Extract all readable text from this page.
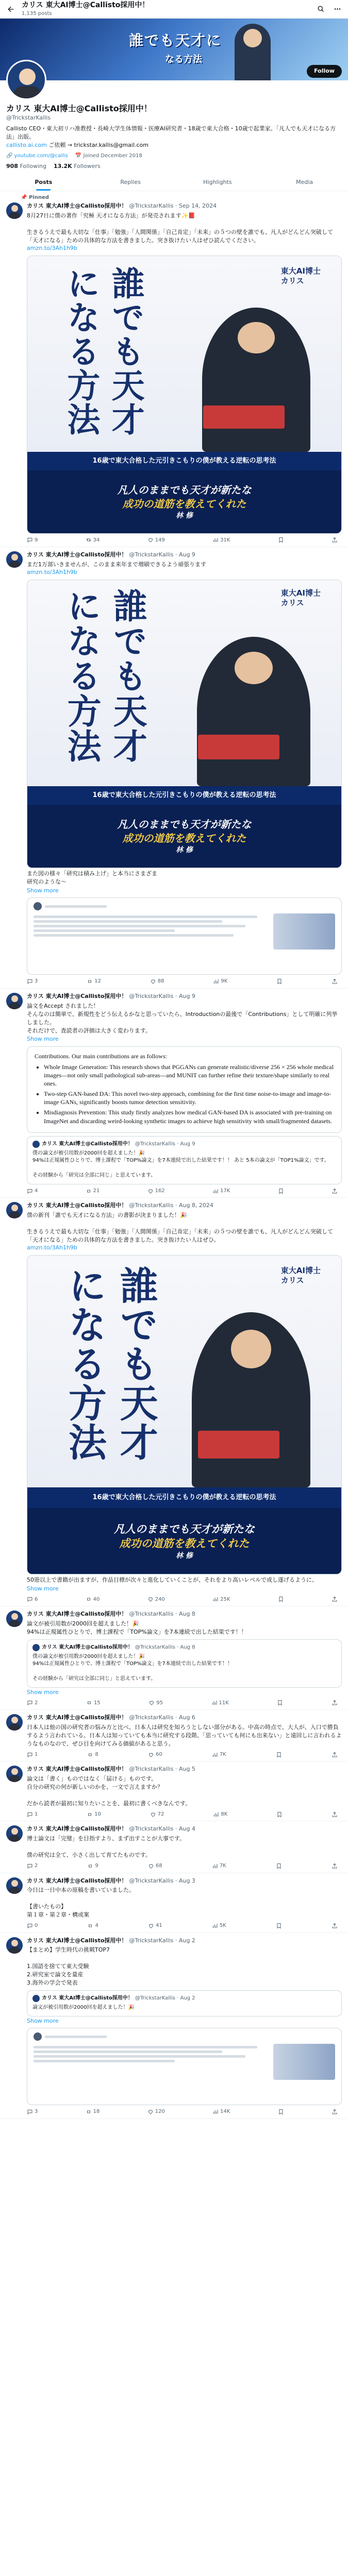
カリス 東大AI博士@Callisto採用中！
1,135 posts
誰でも天才に
なる方法
Follow
カリス 東大AI博士@Callisto採用中！
@TrickstarKallis
Callisto CEO・東大初リハ准教授・長崎大学生体情報・医療AI研究者・18歳で東大合格・10歳で起業家。「凡人でも天才になる方法」出版。
callisto.ai.com ご依頼 → trickstar.kallis@gmail.com
🔗 youtube.com/@callis 📅 Joined December 2018
908 Following 13.2K Followers
Posts	Replies	Highlights	Media
📌 Pinned
カリス 東大AI博士@Callisto採用中！ @TrickstarKallis · Sep 14, 2024
8月27日に僕の著作「究極 天才になる方法」が発売されます✨📕

生きるうえで最も大切な「仕事」「勉強」「人間関係」「自己肯定」「未来」の５つの壁を誰でも、凡人がどんどん突破して「天才になる」ための具体的な方法を書きました。突き抜けたい人はぜひ読んでください。
amzn.to/3Ah1h9b
誰でも天才になる方法	東大AI博士
カリス
16歳で東大合格した元引きこもりの僕が教える逆転の思考法
凡人のままでも天才が新たな
成功の道筋を教えてくれた
林 修
9	34	149	31K
カリス 東大AI博士@Callisto採用中！ @TrickstarKallis · Aug 9
まだ1万部いきませんが、このまま来年まで増刷できるよう頑張ります
amzn.to/3Ah1h9b
誰でも天才になる方法	東大AI博士
カリス
16歳で東大合格した元引きこもりの僕が教える逆転の思考法
凡人のままでも天才が新たな
成功の道筋を教えてくれた
林 修
また図の様々「研究は積み上げ」と本当にさまざま
研究のような〜
Show more
3	12	88	9K
カリス 東大AI博士@Callisto採用中！ @TrickstarKallis · Aug 9
論文をAccept されました！
そんなのは簡単で、新規性をどう伝えるかなと思っていたら、Introductionの最後で「Contributions」として明確に列挙しました。
それだけで、査読者の評価は大きく変わります。
Show more

Contributions. Our main contributions are as follows:

• Whole Image Generation: This research shows that PGGANs can generate realistic/diverse 256 × 256 whole medical images—not only small pathological sub-areas—and MUNIT can further refine their texture/shape similarly to real ones.
• Two-step GAN-based DA: This novel two-step approach, combining for the first time noise-to-image and image-to-image GANs, significantly boosts tumor detection sensitivity.
• Misdiagnosis Prevention: This study firstly analyzes how medical GAN-based DA is associated with pre-training on ImageNet and discarding weird-looking synthetic images to achieve high sensitivity with small/fragmented datasets.
カリス 東大AI博士@Callisto採用中！ @TrickstarKallis · Aug 9
僕の論文が被引用数が2000回を超えました！🎉
94%は正規属性ひとりで、博士課程で「TOP%論文」を7本連続で出した結果です！！ あと 5本の論文が「TOP1%論文」です。

その経験から「研究は全部に同じ」と思えています。
4	21	162	17K
カリス 東大AI博士@Callisto採用中！ @TrickstarKallis · Aug 8, 2024
僕の新刊「誰でも天才になる方法」の書影が決まりました！🎉

生きるうえで最も大切な「仕事」「勉強」「人間関係」「自己肯定」「未来」の５つの壁を誰でも、凡人がどんどん突破して「天才になる」ための具体的な方法を書きました。突き抜けたい人はぜひ。
amzn.to/3Ah1h9b
誰でも天才になる方法	東大AI博士
カリス
16歳で東大合格した元引きこもりの僕が教える逆転の思考法
凡人のままでも天才が新たな
成功の道筋を教えてくれた
林 修
50冊以上で書籍が出ますが、作品目標が次々と進化していくことが、それをより高いレベルで成し遂げるように、
Show more
6	40	240	25K
カリス 東大AI博士@Callisto採用中！ @TrickstarKallis · Aug 8
論文が被引用数が2000回を超えました！🎉
94%は正規属性ひとりで、博士課程で「TOP%論文」を7本連続で出した結果です！！
カリス 東大AI博士@Callisto採用中！ @TrickstarKallis · Aug 8
僕の論文が被引用数が2000回を超えました！🎉
94%は正規属性ひとりで、博士課程で「TOP%論文」を7本連続で出した結果です！！

その経験から「研究は全部に同じ」と思えています。
Show more
2	15	95	11K
カリス 東大AI博士@Callisto採用中！ @TrickstarKallis · Aug 6
日本人は他の国の研究者の悩み方と比べ、日本人は研究を知ろうとしない部分がある。中高の時点で、大人が、入口で勝負するよう言われている。日本人は知っていても本当に研究する段階、「思っていても何にも出来ない」と遠回しに言われるようなものなので、ぜひ目を向けてみる価値があると思う。
1	8	60	7K
カリス 東大AI博士@Callisto採用中！ @TrickstarKallis · Aug 5
論文は「書く」ものではなく「届ける」ものです。
自分の研究の何が新しいのかを、一文で言えますか？

だから読者が最初に知りたいことを、最初に書くべきなんです。
1	10	72	8K
カリス 東大AI博士@Callisto採用中！ @TrickstarKallis · Aug 4
博士論文は「完璧」を目指すより、まず出すことが大事です。

僕の研究は全て、小さく出して育てたものです。
2	9	68	7K
カリス 東大AI博士@Callisto採用中！ @TrickstarKallis · Aug 3
今日は一日中本の原稿を書いていました。

【書いたもの】
第１章・第２章・構成案
0	4	41	5K
カリス 東大AI博士@Callisto採用中！ @TrickstarKallis · Aug 2
【まとめ】学生時代の挑戦TOP7

1.国語を捨てて東大受験
2.研究室で論文を量産
3.海外の学会で発表
カリス 東大AI博士@Callisto採用中！ @TrickstarKallis · Aug 2
論文が被引用数が2000回を超えました！🎉
Show more
3	18	120	14K
